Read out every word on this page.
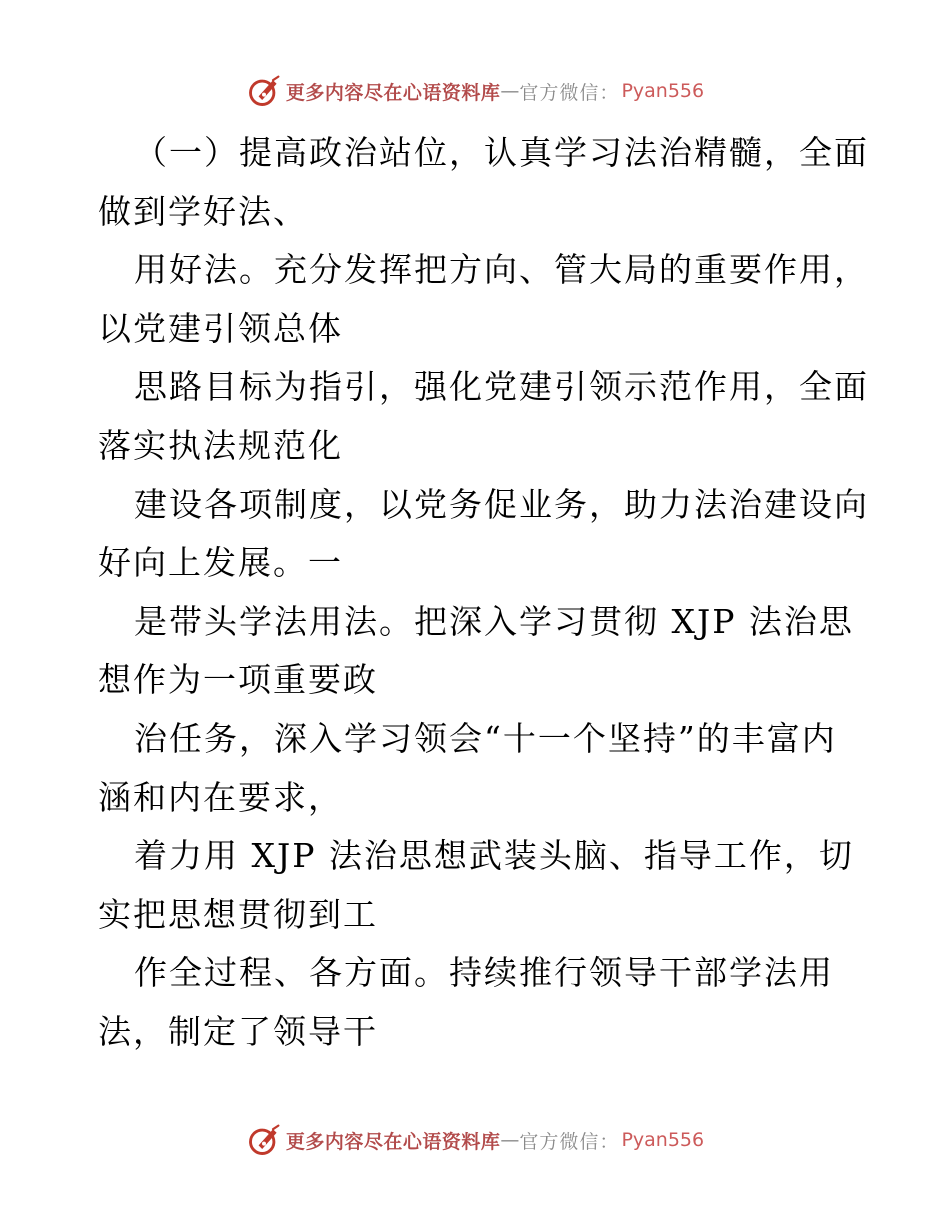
更多内容尽在心语资料库 — 官方微信： Pyan556
（一）提高政治站位，认真学习法治精髓，全面
做到学好法、
用好法。充分发挥把方向、管大局的重要作用，
以党建引领总体
思路目标为指引，强化党建引领示范作用，全面
落实执法规范化
建设各项制度，以党务促业务，助力法治建设向
好向上发展。一
是带头学法用法。把深入学习贯彻 XJP 法治思
想作为一项重要政
治任务，深入学习领会“十一个坚持”的丰富内
涵和内在要求，
着力用 XJP 法治思想武装头脑、指导工作，切
实把思想贯彻到工
作全过程、各方面。持续推行领导干部学法用
法，制定了领导干
更多内容尽在心语资料库 — 官方微信： Pyan556
